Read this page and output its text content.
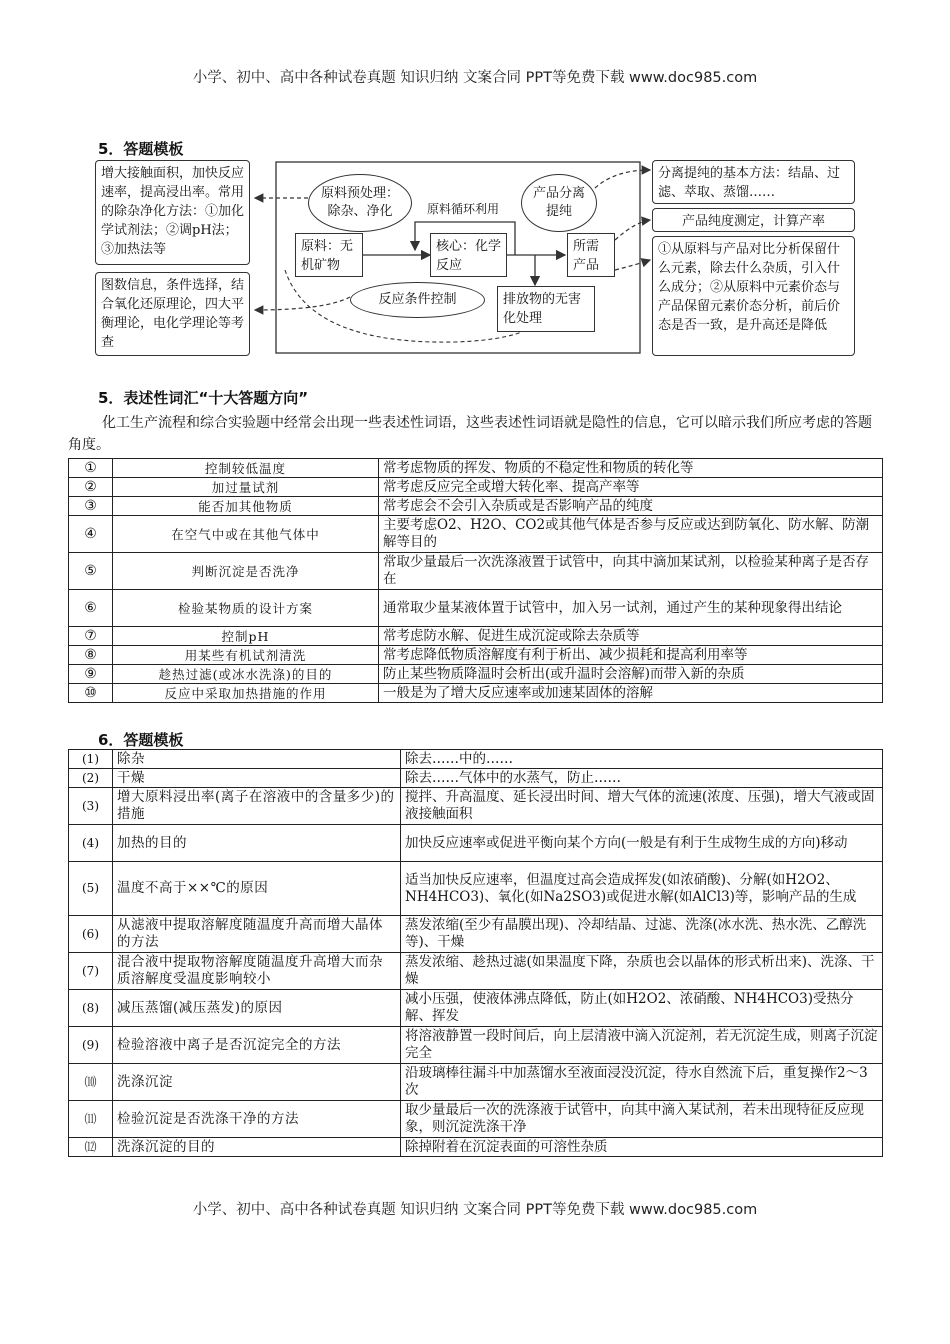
小学、初中、高中各种试卷真题 知识归纳 文案合同 PPT等免费下载 www.doc985.com
5．答题模板
增大接触面积，加快反应速率，提高浸出率。常用的除杂净化方法：①加化学试剂法；②调pH法；③加热法等
图数信息，条件选择，结合氧化还原理论，四大平衡理论，电化学理论等考查
原料预处理：除杂、净化	原料循环利用
产品分离提纯
原料：无机矿物
核心：化学反应
所需产品
反应条件控制	排放物的无害化处理
分离提纯的基本方法：结晶、过滤、萃取、蒸馏……
产品纯度测定，计算产率
①从原料与产品对比分析保留什么元素，除去什么杂质，引入什么成分；②从原料中元素价态与产品保留元素价态分析，前后价态是否一致，是升高还是降低
5．表述性词汇“十大答题方向”
化工生产流程和综合实验题中经常会出现一些表述性词语，这些表述性词语就是隐性的信息，它可以暗示我们所应考虑的答题角度。
①	控制较低温度	常考虑物质的挥发、物质的不稳定性和物质的转化等
②	加过量试剂	常考虑反应完全或增大转化率、提高产率等
③	能否加其他物质	常考虑会不会引入杂质或是否影响产品的纯度
④	在空气中或在其他气体中	主要考虑O2、H2O、CO2或其他气体是否参与反应或达到防氧化、防水解、防潮解等目的
⑤	判断沉淀是否洗净	常取少量最后一次洗涤液置于试管中，向其中滴加某试剂，以检验某种离子是否存在
⑥	检验某物质的设计方案	通常取少量某液体置于试管中，加入另一试剂，通过产生的某种现象得出结论
⑦	控制pH	常考虑防水解、促进生成沉淀或除去杂质等
⑧	用某些有机试剂清洗	常考虑降低物质溶解度有利于析出、减少损耗和提高利用率等
⑨	趁热过滤(或冰水洗涤)的目的	防止某些物质降温时会析出(或升温时会溶解)而带入新的杂质
⑩	反应中采取加热措施的作用	一般是为了增大反应速率或加速某固体的溶解
6．答题模板
(1)	除杂	除去……中的……
(2)	干燥	除去……气体中的水蒸气，防止……
(3)	增大原料浸出率(离子在溶液中的含量多少)的措施	搅拌、升高温度、延长浸出时间、增大气体的流速(浓度、压强)，增大气液或固液接触面积
(4)	加热的目的	加快反应速率或促进平衡向某个方向(一般是有利于生成物生成的方向)移动
(5)	温度不高于××℃的原因	适当加快反应速率，但温度过高会造成挥发(如浓硝酸)、分解(如H2O2、NH4HCO3)、氧化(如Na2SO3)或促进水解(如AlCl3)等，影响产品的生成
(6)	从滤液中提取溶解度随温度升高而增大晶体的方法	蒸发浓缩(至少有晶膜出现)、冷却结晶、过滤、洗涤(冰水洗、热水洗、乙醇洗等)、干燥
(7)	混合液中提取物溶解度随温度升高增大而杂质溶解度受温度影响较小	蒸发浓缩、趁热过滤(如果温度下降，杂质也会以晶体的形式析出来)、洗涤、干燥
(8)	减压蒸馏(减压蒸发)的原因	减小压强，使液体沸点降低，防止(如H2O2、浓硝酸、NH4HCO3)受热分解、挥发
(9)	检验溶液中离子是否沉淀完全的方法	将溶液静置一段时间后，向上层清液中滴入沉淀剂，若无沉淀生成，则离子沉淀完全
⑽	洗涤沉淀	沿玻璃棒往漏斗中加蒸馏水至液面浸没沉淀，待水自然流下后，重复操作2～3次
⑾	检验沉淀是否洗涤干净的方法	取少量最后一次的洗涤液于试管中，向其中滴入某试剂，若未出现特征反应现象，则沉淀洗涤干净
⑿	洗涤沉淀的目的	除掉附着在沉淀表面的可溶性杂质
小学、初中、高中各种试卷真题 知识归纳 文案合同 PPT等免费下载 www.doc985.com
